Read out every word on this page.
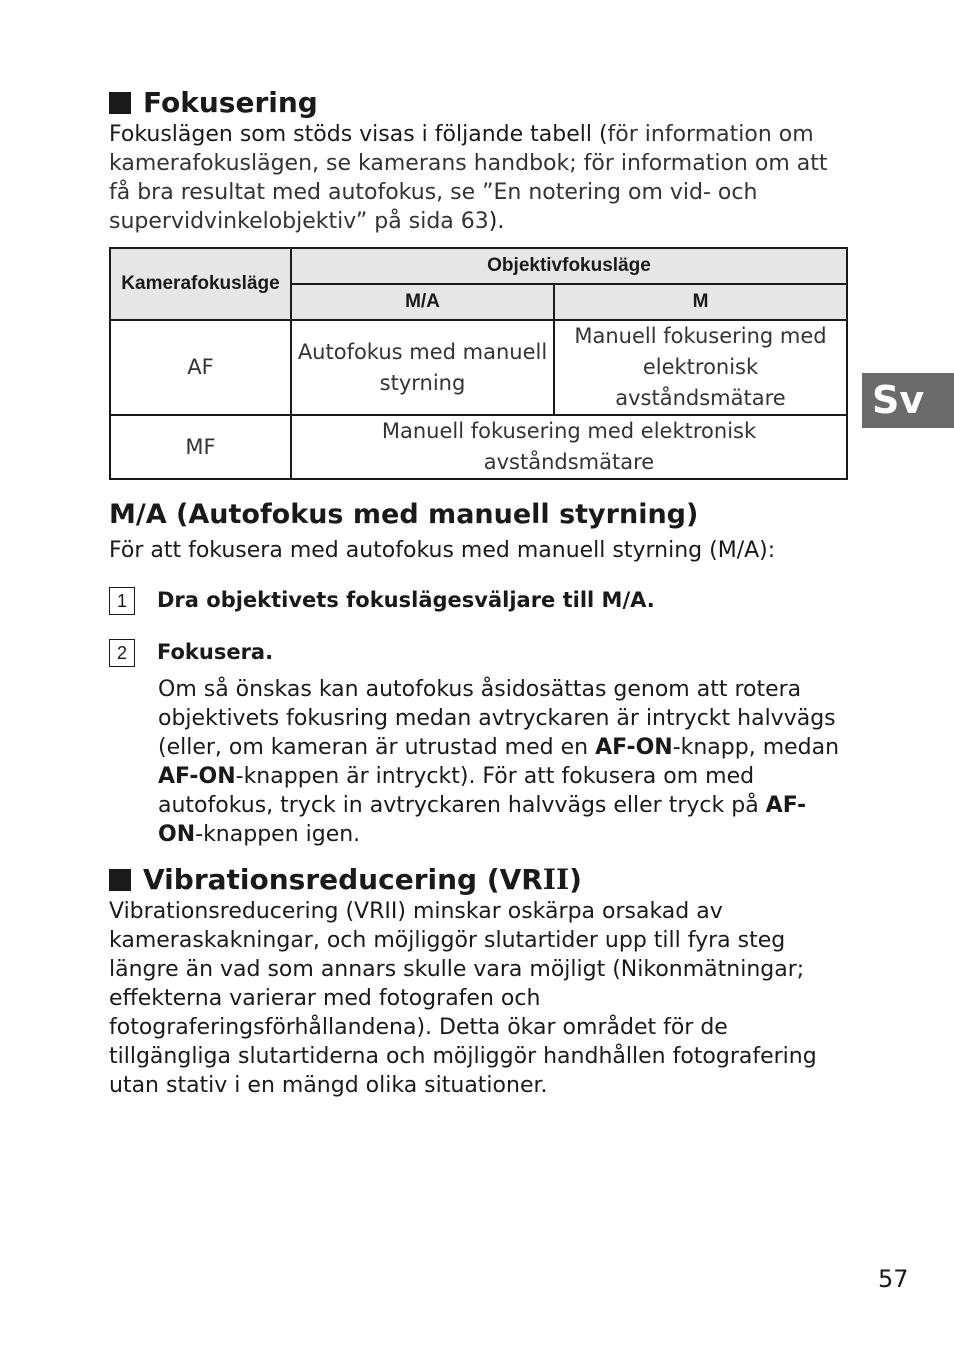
Fokusering

Fokuslägen som stöds visas i följande tabell (för information om kamerafokuslägen, se kamerans handbok; för information om att få bra resultat med autofokus, se ”En notering om vid- och supervidvinkelobjektiv” på sida 63).

Kamerafokusläge	Objektivfokusläge	
	M/A	M
AF	Autofokus med manuell styrning	Manuell fokusering med elektronisk avståndsmätare
MF	Manuell fokusering med elektronisk avståndsmätare	
M/A (Autofokus med manuell styrning)

För att fokusera med autofokus med manuell styrning (M/A):

1	Dra objektivets fokuslägesväljare till M/A.
2	Fokusera.
Om så önskas kan autofokus åsidosättas genom att rotera objektivets fokusring medan avtryckaren är intryckt halvvägs (eller, om kameran är utrustad med en AF-ON-knapp, medan AF-ON-knappen är intryckt). För att fokusera om med autofokus, tryck in avtryckaren halvvägs eller tryck på AF-ON-knappen igen.
Vibrationsreducering (VRII)

Vibrationsreducering (VRII) minskar oskärpa orsakad av kameraskakningar, och möjliggör slutartider upp till fyra steg längre än vad som annars skulle vara möjligt (Nikonmätningar; effekterna varierar med fotografen och fotograferingsförhållandena). Detta ökar området för de tillgängliga slutartiderna och möjliggör handhållen fotografering utan stativ i en mängd olika situationer.

Sv
57
